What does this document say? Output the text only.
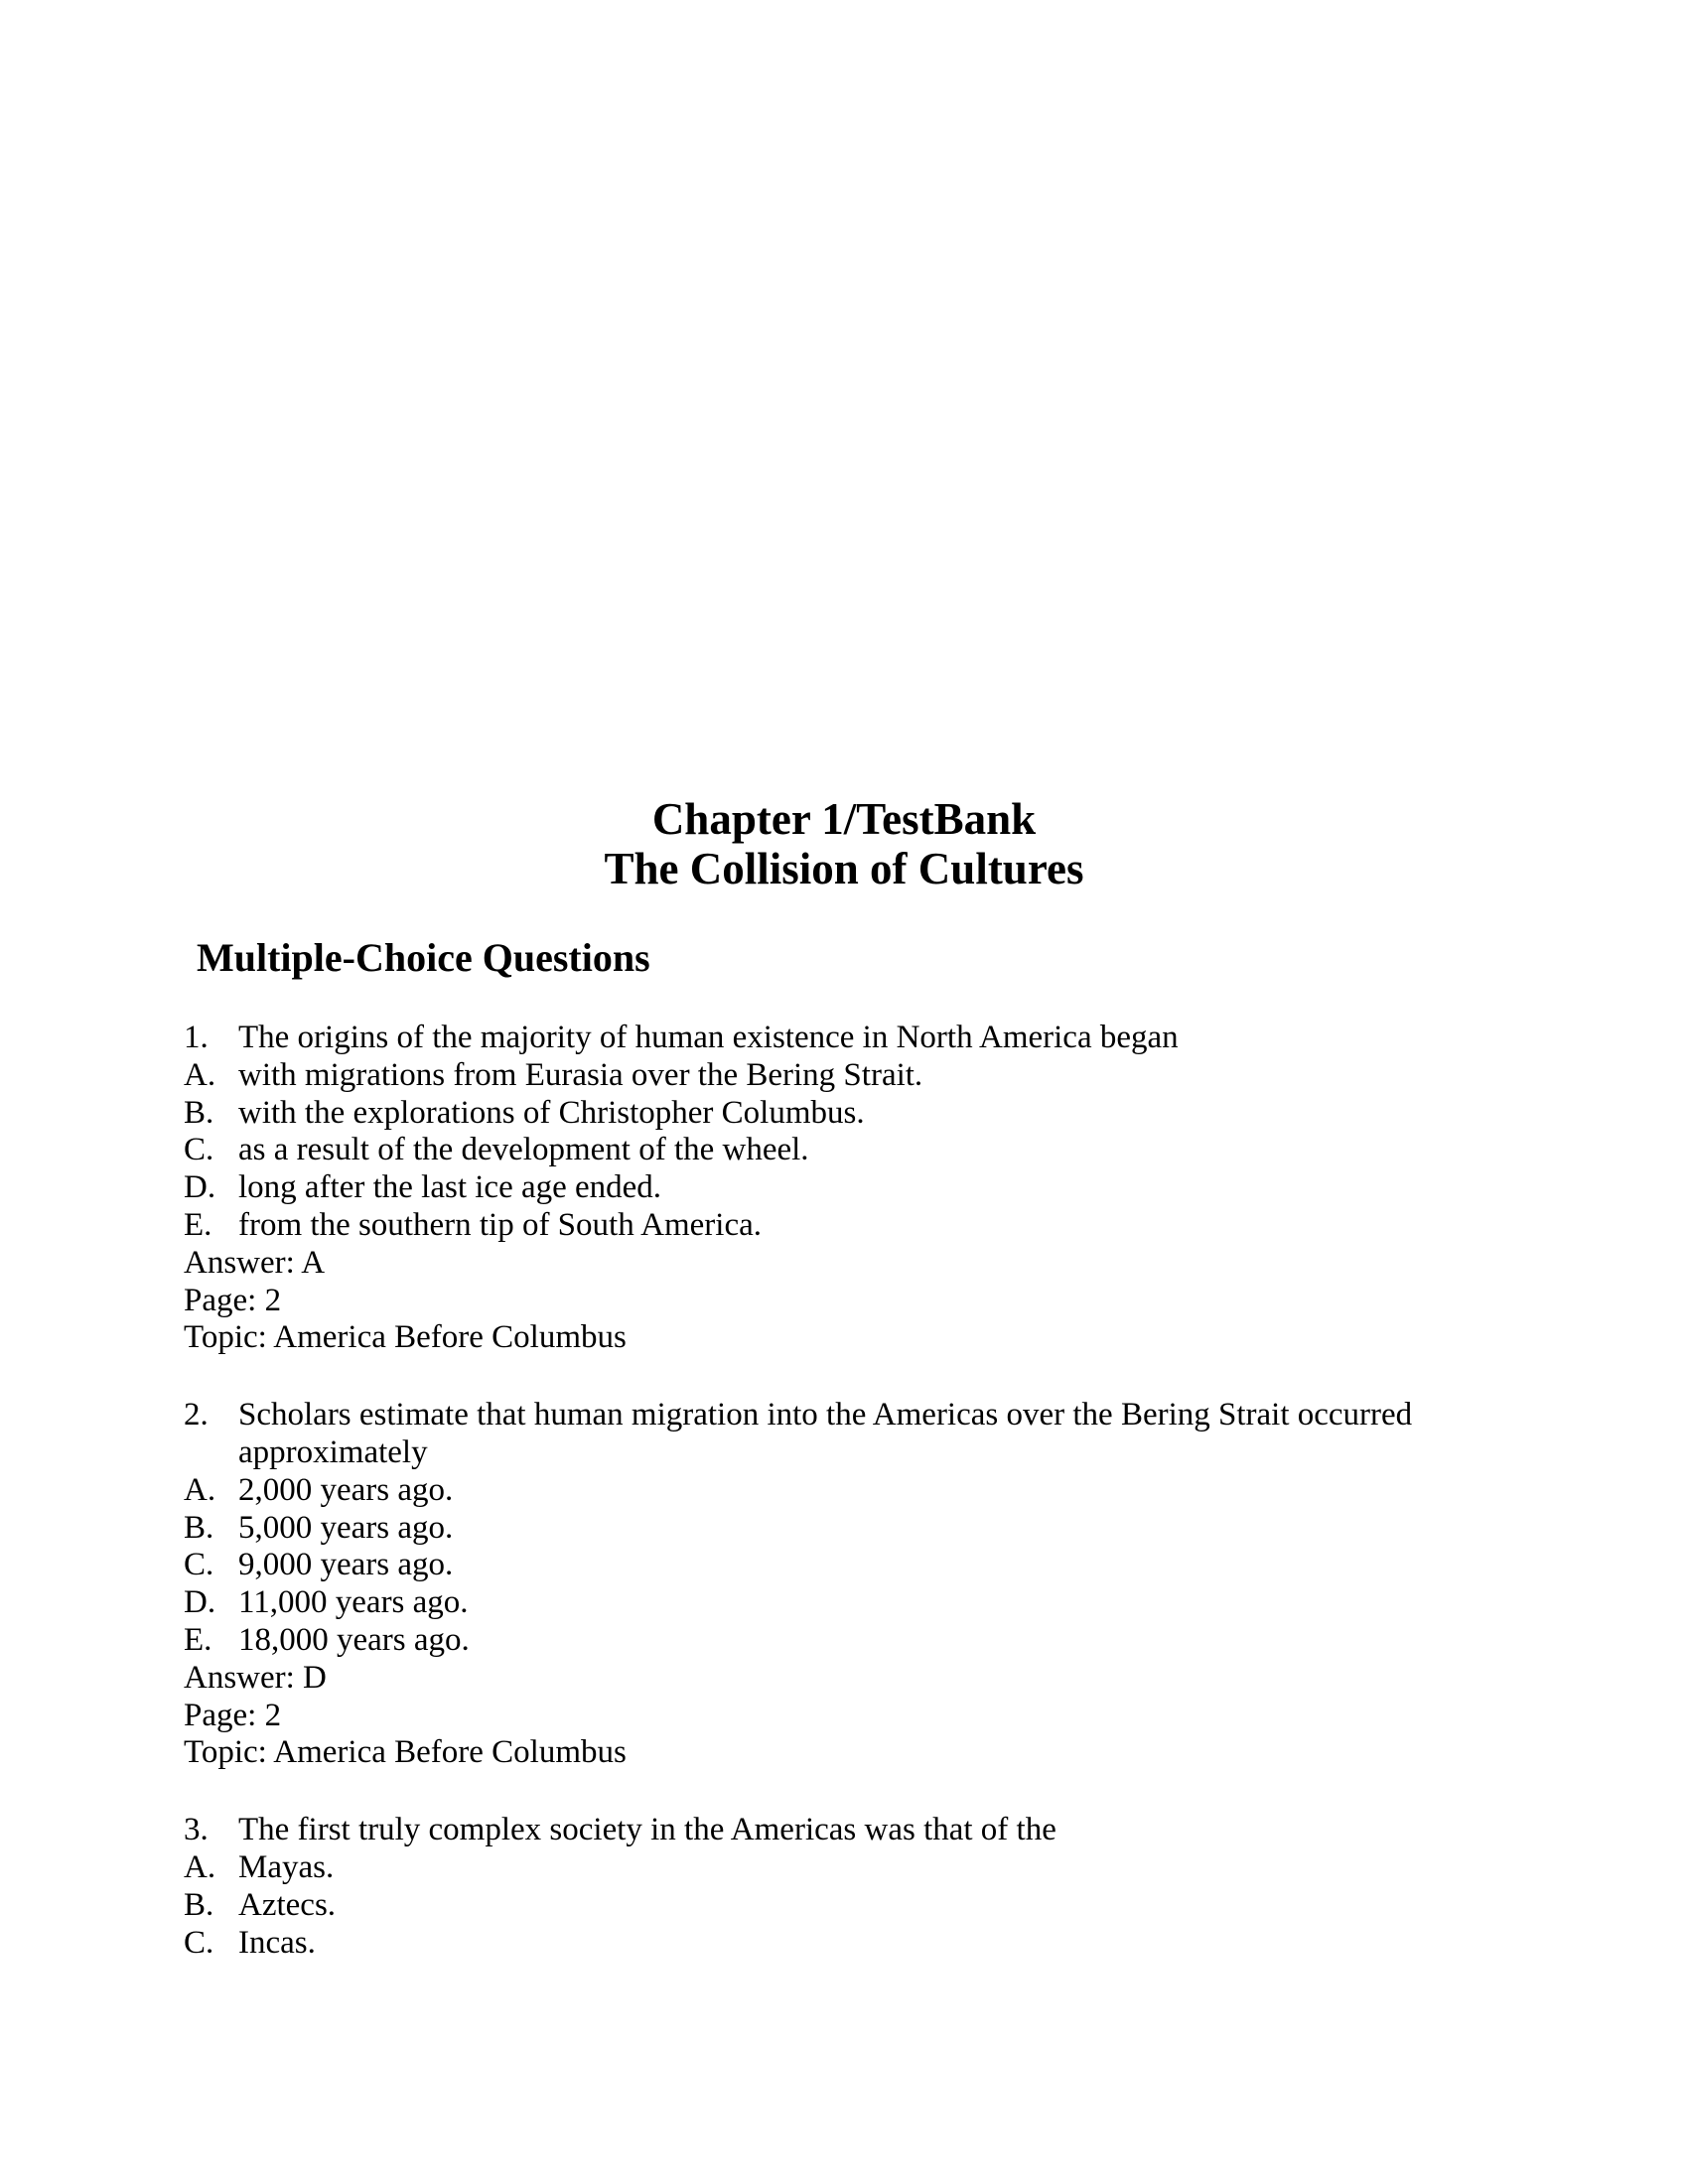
Chapter 1/TestBank
The Collision of Cultures
Multiple-Choice Questions
1. The origins of the majority of human existence in North America began
A. with migrations from Eurasia over the Bering Strait.
B. with the explorations of Christopher Columbus.
C. as a result of the development of the wheel.
D. long after the last ice age ended.
E. from the southern tip of South America.
Answer: A
Page: 2
Topic: America Before Columbus
2. Scholars estimate that human migration into the Americas over the Bering Strait occurred
approximately
A. 2,000 years ago.
B. 5,000 years ago.
C. 9,000 years ago.
D. 11,000 years ago.
E. 18,000 years ago.
Answer: D
Page: 2
Topic: America Before Columbus
3. The first truly complex society in the Americas was that of the
A. Mayas.
B. Aztecs.
C. Incas.
